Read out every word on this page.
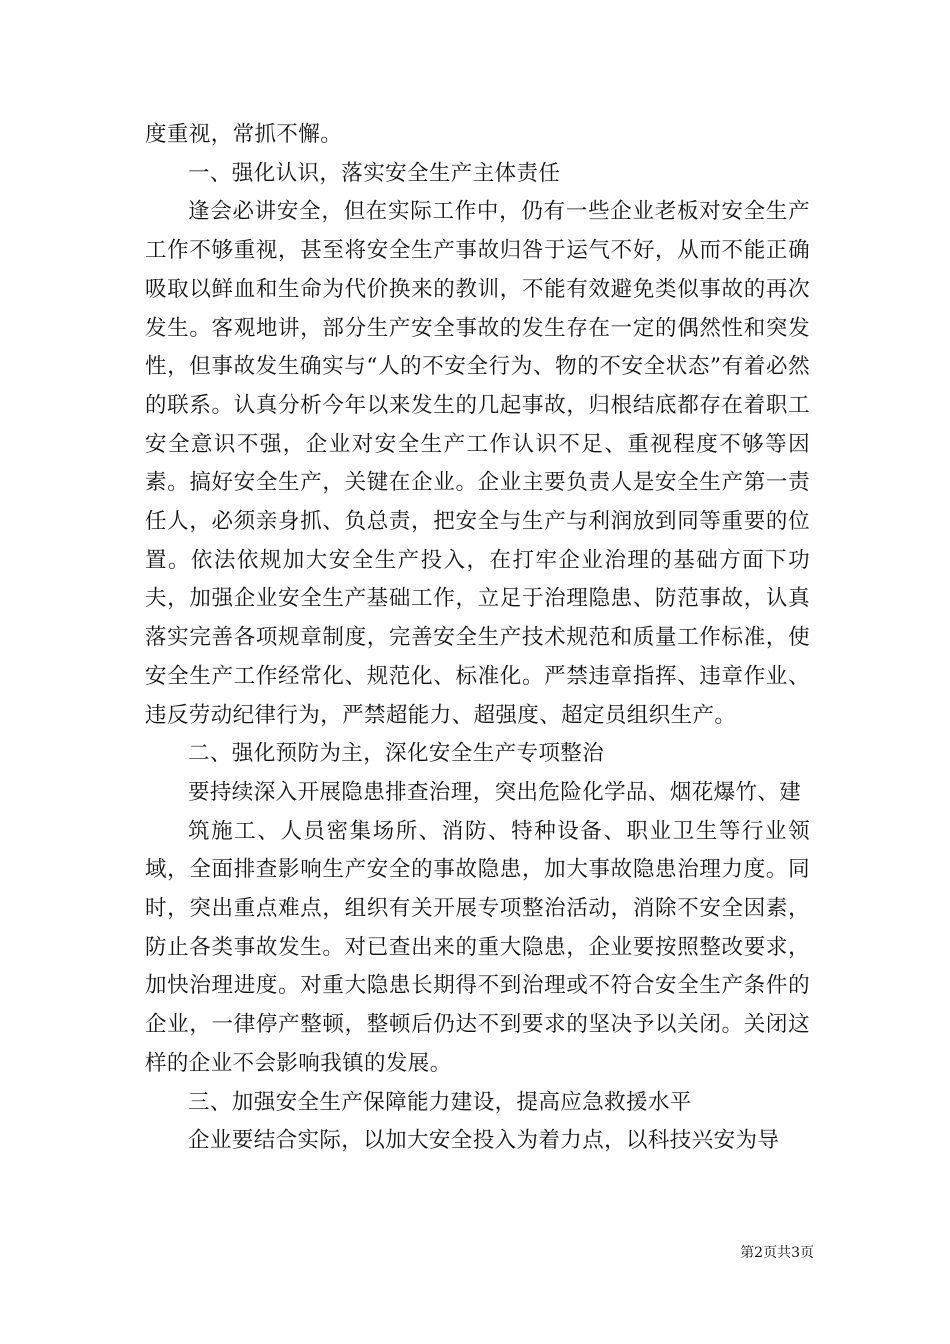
度重视，常抓不懈。

一、强化认识，落实安全生产主体责任

逢会必讲安全，但在实际工作中，仍有一些企业老板对安全生产工作不够重视，甚至将安全生产事故归咎于运气不好，从而不能正确吸取以鲜血和生命为代价换来的教训，不能有效避免类似事故的再次发生。客观地讲，部分生产安全事故的发生存在一定的偶然性和突发性，但事故发生确实与“人的不安全行为、物的不安全状态”有着必然的联系。认真分析今年以来发生的几起事故，归根结底都存在着职工安全意识不强，企业对安全生产工作认识不足、重视程度不够等因素。搞好安全生产，关键在企业。企业主要负责人是安全生产第一责任人，必须亲身抓、负总责，把安全与生产与利润放到同等重要的位置。依法依规加大安全生产投入，在打牢企业治理的基础方面下功夫，加强企业安全生产基础工作，立足于治理隐患、防范事故，认真落实完善各项规章制度，完善安全生产技术规范和质量工作标准，使安全生产工作经常化、规范化、标准化。严禁违章指挥、违章作业、违反劳动纪律行为，严禁超能力、超强度、超定员组织生产。

二、强化预防为主，深化安全生产专项整治

要持续深入开展隐患排查治理，突出危险化学品、烟花爆竹、建

筑施工、人员密集场所、消防、特种设备、职业卫生等行业领域，全面排查影响生产安全的事故隐患，加大事故隐患治理力度。同时，突出重点难点，组织有关开展专项整治活动，消除不安全因素，防止各类事故发生。对已查出来的重大隐患，企业要按照整改要求，加快治理进度。对重大隐患长期得不到治理或不符合安全生产条件的企业，一律停产整顿，整顿后仍达不到要求的坚决予以关闭。关闭这样的企业不会影响我镇的发展。

三、加强安全生产保障能力建设，提高应急救援水平

企业要结合实际，以加大安全投入为着力点，以科技兴安为导

第2页共3页
